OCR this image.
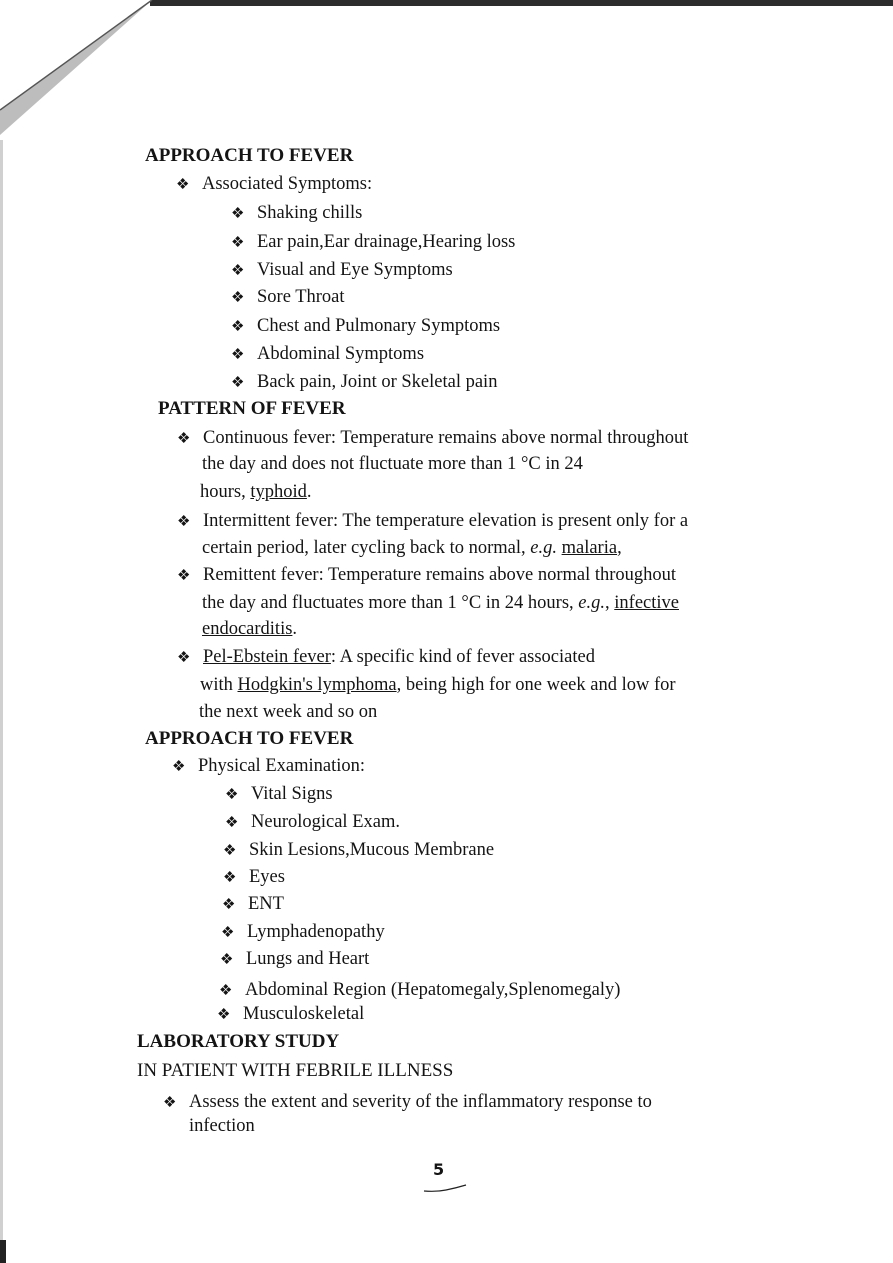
APPROACH TO FEVER
❖ Associated Symptoms:
❖ Shaking chills
❖ Ear pain,Ear drainage,Hearing loss
❖ Visual and Eye Symptoms
❖ Sore Throat
❖ Chest and Pulmonary Symptoms
❖ Abdominal Symptoms
❖ Back pain, Joint or Skeletal pain
PATTERN OF FEVER
❖ Continuous fever: Temperature remains above normal throughout
the day and does not fluctuate more than 1 °C in 24
hours, typhoid.
❖ Intermittent fever: The temperature elevation is present only for a
certain period, later cycling back to normal, e.g. malaria,
❖ Remittent fever: Temperature remains above normal throughout
the day and fluctuates more than 1 °C in 24 hours, e.g., infective
endocarditis.
❖ Pel-Ebstein fever: A specific kind of fever associated
with Hodgkin's lymphoma, being high for one week and low for
the next week and so on
APPROACH TO FEVER
❖ Physical Examination:
❖ Vital Signs
❖ Neurological Exam.
❖ Skin Lesions,Mucous Membrane
❖ Eyes
❖ ENT
❖ Lymphadenopathy
❖ Lungs and Heart
❖ Abdominal Region (Hepatomegaly,Splenomegaly)
❖ Musculoskeletal
LABORATORY STUDY
IN PATIENT WITH FEBRILE ILLNESS
❖ Assess the extent and severity of the inflammatory response to
infection
5
